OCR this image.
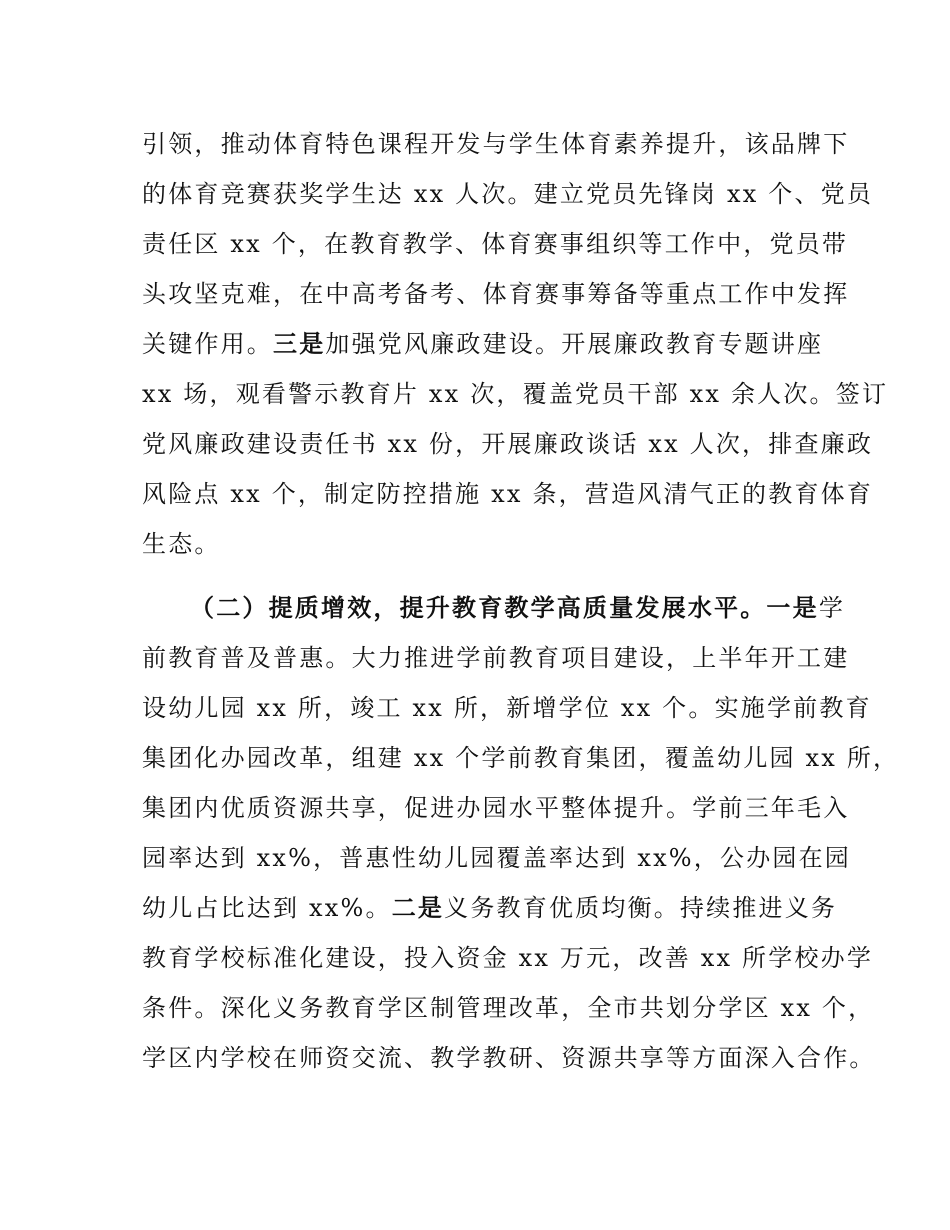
引领，推动体育特色课程开发与学生体育素养提升，该品牌下
的体育竞赛获奖学生达 xx 人次。建立党员先锋岗 xx 个、党员
责任区 xx 个，在教育教学、体育赛事组织等工作中，党员带
头攻坚克难，在中高考备考、体育赛事筹备等重点工作中发挥
关键作用。三是加强党风廉政建设。开展廉政教育专题讲座
xx 场，观看警示教育片 xx 次，覆盖党员干部 xx 余人次。签订
党风廉政建设责任书 xx 份，开展廉政谈话 xx 人次，排查廉政
风险点 xx 个，制定防控措施 xx 条，营造风清气正的教育体育
生态。
（二）提质增效，提升教育教学高质量发展水平。一是学
前教育普及普惠。大力推进学前教育项目建设，上半年开工建
设幼儿园 xx 所，竣工 xx 所，新增学位 xx 个。实施学前教育
集团化办园改革，组建 xx 个学前教育集团，覆盖幼儿园 xx 所，
集团内优质资源共享，促进办园水平整体提升。学前三年毛入
园率达到 xx%，普惠性幼儿园覆盖率达到 xx%，公办园在园
幼儿占比达到 xx%。二是义务教育优质均衡。持续推进义务
教育学校标准化建设，投入资金 xx 万元，改善 xx 所学校办学
条件。深化义务教育学区制管理改革，全市共划分学区 xx 个，
学区内学校在师资交流、教学教研、资源共享等方面深入合作。
